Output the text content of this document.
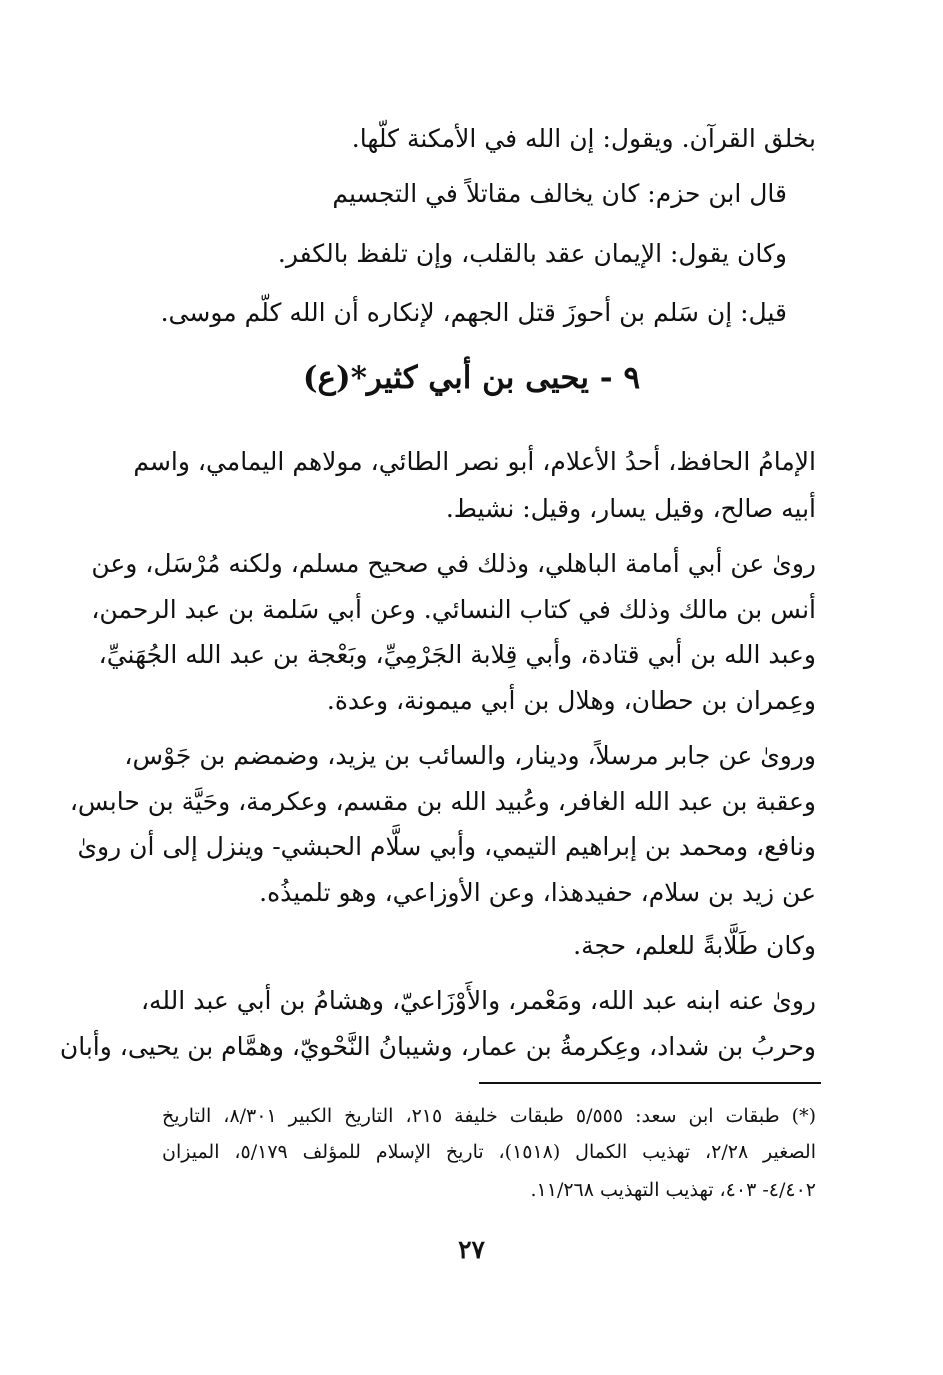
بخلق القرآن. ويقول: إن الله في الأمكنة كلّها.
قال ابن حزم: كان يخالف مقاتلاً في التجسيم
وكان يقول: الإيمان عقد بالقلب، وإن تلفظ بالكفر.
قيل: إن سَلم بن أحوزَ قتل الجهم، لإنكاره أن الله كلّم موسى.
٩ - يحيى بن أبي كثير*(ع)
الإمامُ الحافظ، أحدُ الأعلام، أبو نصر الطائي، مولاهم اليمامي، واسم
أبيه صالح، وقيل يسار، وقيل: نشيط.
روىٰ عن أبي أمامة الباهلي، وذلك في صحيح مسلم، ولكنه مُرْسَل، وعن
أنس بن مالك وذلك في كتاب النسائي. وعن أبي سَلمة بن عبد الرحمن،
وعبد الله بن أبي قتادة، وأبي قِلابة الجَرْمِيِّ، وبَعْجة بن عبد الله الجُهَنيِّ،
وعِمران بن حطان، وهلال بن أبي ميمونة، وعدة.
وروىٰ عن جابر مرسلاً، ودينار، والسائب بن يزيد، وضمضم بن جَوْس،
وعقبة بن عبد الله الغافر، وعُبيد الله بن مقسم، وعكرمة، وحَيَّة بن حابس،
ونافع، ومحمد بن إبراهيم التيمي، وأبي سلَّام الحبشي- وينزل إلى أن روىٰ
عن زيد بن سلام، حفيدهذا، وعن الأوزاعي، وهو تلميذُه.
وكان طَلَّابةً للعلم، حجة.
روىٰ عنه ابنه عبد الله، ومَعْمر، والأَوْزَاعيّ، وهشامُ بن أبي عبد الله،
وحربُ بن شداد، وعِكرمةُ بن عمار، وشيبانُ النَّحْويّ، وهمَّام بن يحيى، وأبان
(*) طبقات ابن سعد: ٥/٥٥٥ طبقات خليفة ٢١٥، التاريخ الكبير ٨/٣٠١، التاريخ
الصغير ٢/٢٨، تهذيب الكمال (١٥١٨)، تاريخ الإسلام للمؤلف ٥/١٧٩، الميزان
٤/٤٠٢- ٤٠٣، تهذيب التهذيب ١١/٢٦٨.
٢٧
